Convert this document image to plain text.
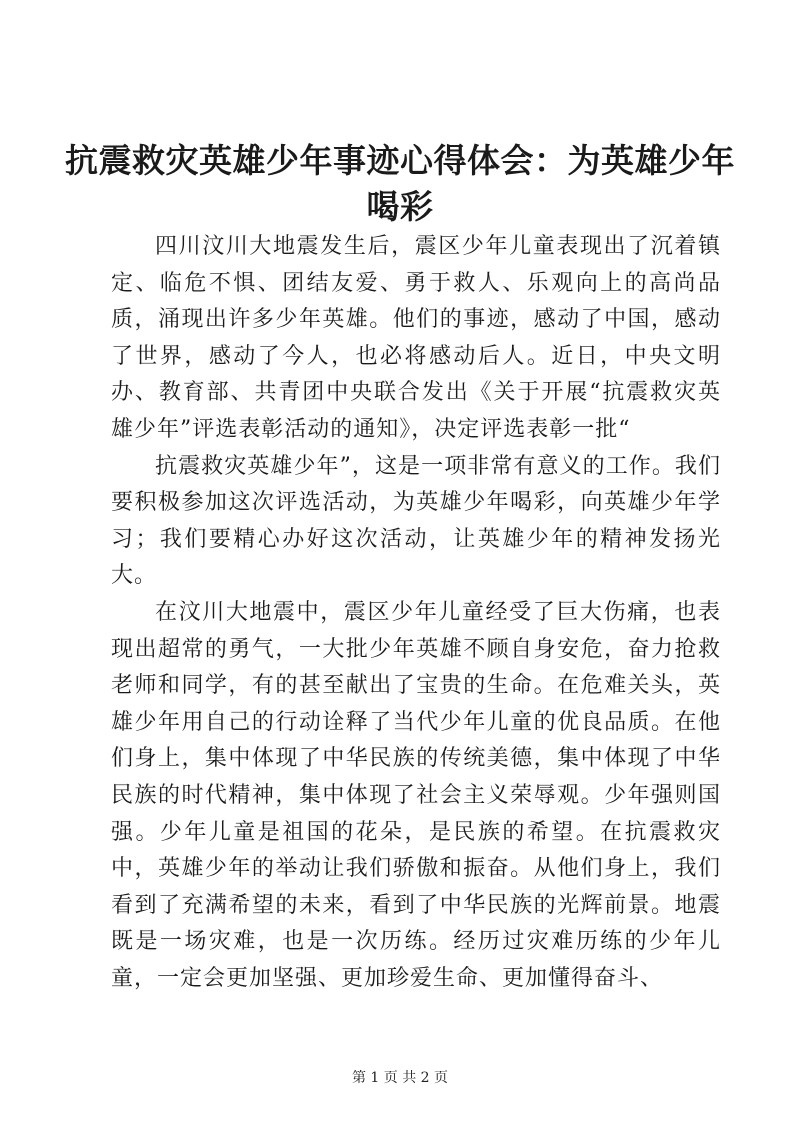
抗震救灾英雄少年事迹心得体会：为英雄少年喝彩

四川汶川大地震发生后，震区少年儿童表现出了沉着镇定、临危不惧、团结友爱、勇于救人、乐观向上的高尚品质，涌现出许多少年英雄。他们的事迹，感动了中国，感动了世界，感动了今人，也必将感动后人。近日，中央文明办、教育部、共青团中央联合发出《关于开展“抗震救灾英雄少年”评选表彰活动的通知》，决定评选表彰一批“

抗震救灾英雄少年”，这是一项非常有意义的工作。我们要积极参加这次评选活动，为英雄少年喝彩，向英雄少年学习；我们要精心办好这次活动，让英雄少年的精神发扬光大。

在汶川大地震中，震区少年儿童经受了巨大伤痛，也表现出超常的勇气，一大批少年英雄不顾自身安危，奋力抢救老师和同学，有的甚至献出了宝贵的生命。在危难关头，英雄少年用自己的行动诠释了当代少年儿童的优良品质。在他们身上，集中体现了中华民族的传统美德，集中体现了中华民族的时代精神，集中体现了社会主义荣辱观。少年强则国强。少年儿童是祖国的花朵，是民族的希望。在抗震救灾中，英雄少年的举动让我们骄傲和振奋。从他们身上，我们看到了充满希望的未来，看到了中华民族的光辉前景。地震既是一场灾难，也是一次历练。经历过灾难历练的少年儿童，一定会更加坚强、更加珍爱生命、更加懂得奋斗、

第 1 页 共 2 页
